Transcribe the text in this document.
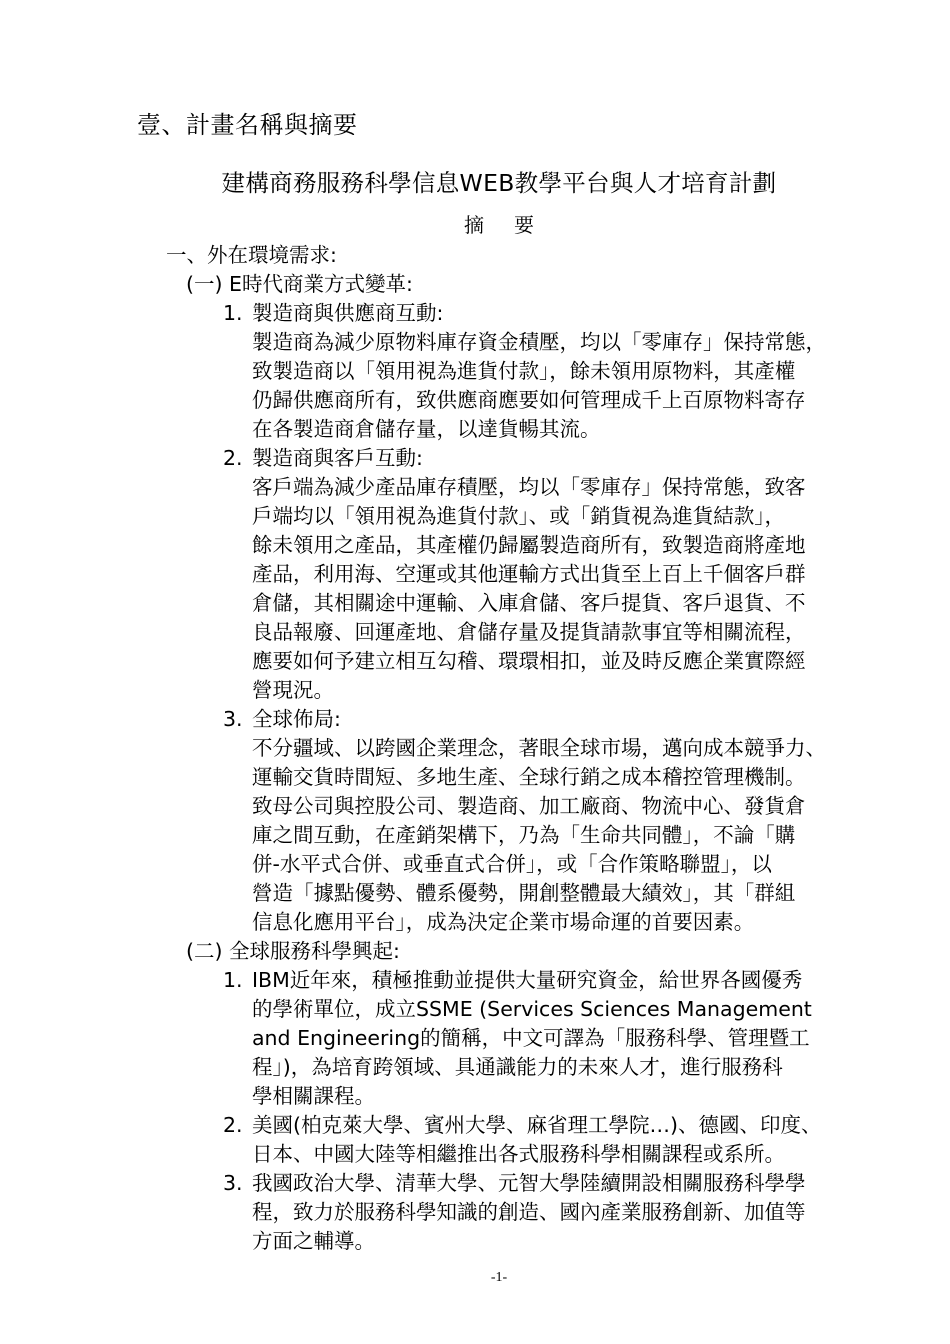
壹、計畫名稱與摘要
建構商務服務科學信息WEB教學平台與人才培育計劃
摘要
一、外在環境需求:
(一) E時代商業方式變革:
1. 製造商與供應商互動:
製造商為減少原物料庫存資金積壓，均以「零庫存」保持常態，
致製造商以「領用視為進貨付款」，餘未領用原物料，其產權
仍歸供應商所有，致供應商應要如何管理成千上百原物料寄存
在各製造商倉儲存量，以達貨暢其流。
2. 製造商與客戶互動:
客戶端為減少產品庫存積壓，均以「零庫存」保持常態，致客
戶端均以「領用視為進貨付款」、或「銷貨視為進貨結款」，
餘未領用之產品，其產權仍歸屬製造商所有，致製造商將產地
產品，利用海、空運或其他運輸方式出貨至上百上千個客戶群
倉儲，其相關途中運輸、入庫倉儲、客戶提貨、客戶退貨、不
良品報廢、回運產地、倉儲存量及提貨請款事宜等相關流程，
應要如何予建立相互勾稽、環環相扣，並及時反應企業實際經
營現況。
3. 全球佈局:
不分疆域、以跨國企業理念，著眼全球市場，邁向成本競爭力、
運輸交貨時間短、多地生產、全球行銷之成本稽控管理機制。
致母公司與控股公司、製造商、加工廠商、物流中心、發貨倉
庫之間互動，在產銷架構下，乃為「生命共同體」，不論「購
併-水平式合併、或垂直式合併」，或「合作策略聯盟」，以
營造「據點優勢、體系優勢，開創整體最大績效」，其「群組
信息化應用平台」，成為決定企業市場命運的首要因素。
(二) 全球服務科學興起:
1. IBM近年來，積極推動並提供大量研究資金，給世界各國優秀
的學術單位，成立SSME (Services Sciences Management
and Engineering的簡稱，中文可譯為「服務科學、管理暨工
程」)，為培育跨領域、具通識能力的未來人才，進行服務科
學相關課程。
2. 美國(柏克萊大學、賓州大學、麻省理工學院…)、德國、印度、
日本、中國大陸等相繼推出各式服務科學相關課程或系所。
3. 我國政治大學、清華大學、元智大學陸續開設相關服務科學學
程，致力於服務科學知識的創造、國內產業服務創新、加值等
方面之輔導。
-1-
